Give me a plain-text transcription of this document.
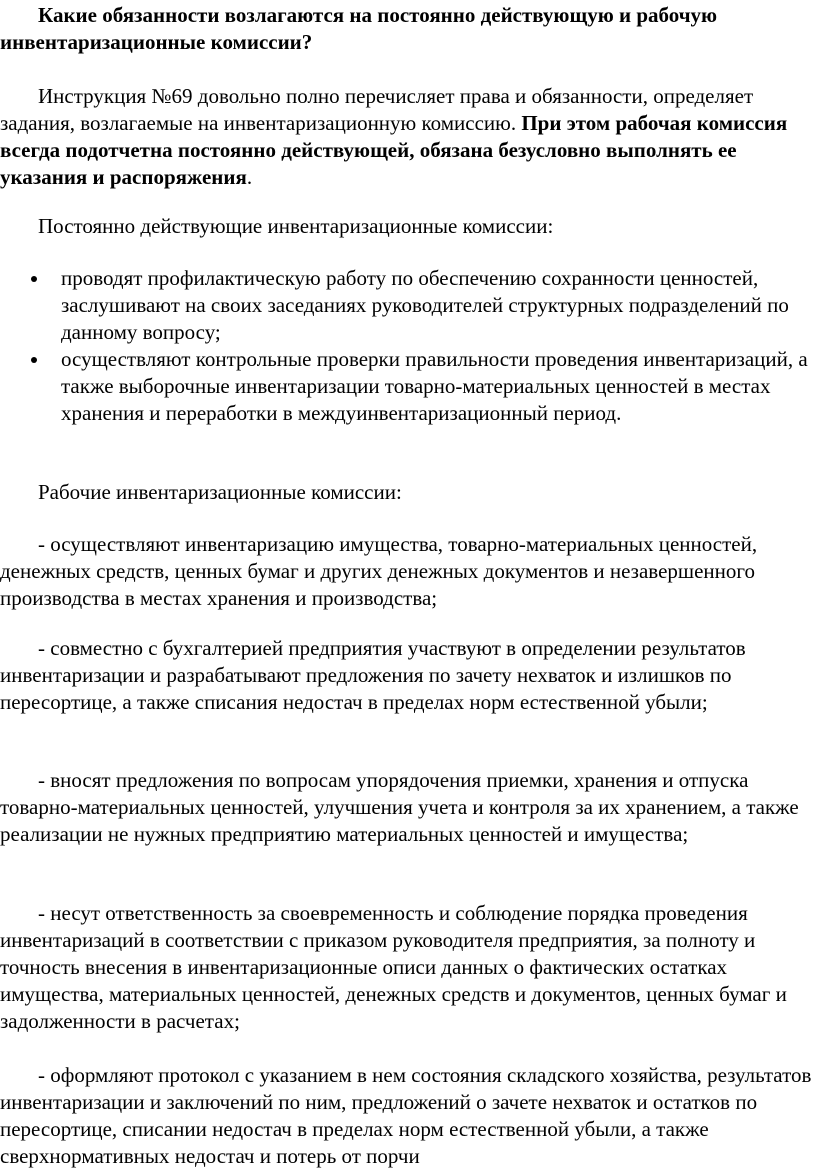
Какие обязанности возлагаются на постоянно действующую и рабочую инвентаризационные комиссии?

Инструкция №69 довольно полно перечисляет права и обязанности, определяет задания, возлагаемые на инвентаризационную комиссию. При этом рабочая комиссия всегда подотчетна постоянно действующей, обязана безусловно выполнять ее указания и распоряжения.

Постоянно действующие инвентаризационные комиссии:

проводят профилактическую работу по обеспечению сохранности ценностей, заслушивают на своих заседаниях руководителей структурных подразделений по данному вопросу;
осуществляют контрольные проверки правильности проведения инвентаризаций, а также выборочные инвентаризации товарно-материальных ценностей в местах хранения и переработки в междуинвентаризационный период.

Рабочие инвентаризационные комиссии:

- осуществляют инвентаризацию имущества, товарно-материальных ценностей, денежных средств, ценных бумаг и других денежных документов и незавершенного производства в местах хранения и производства;

- совместно с бухгалтерией предприятия участвуют в определении результатов инвентаризации и разрабатывают предложения по зачету нехваток и излишков по пересортице, а также списания недостач в пределах норм естественной убыли;

- вносят предложения по вопросам упорядочения приемки, хранения и отпуска товарно-материальных ценностей, улучшения учета и контроля за их хранением, а также реализации не нужных предприятию материальных ценностей и имущества;

- несут ответственность за своевременность и соблюдение порядка проведения инвентаризаций в соответствии с приказом руководителя предприятия, за полноту и точность внесения в инвентаризационные описи данных о фактических остатках имущества, материальных ценностей, денежных средств и документов, ценных бумаг и задолженности в расчетах;

- оформляют протокол с указанием в нем состояния складского хозяйства, результатов инвентаризации и заключений по ним, предложений о зачете нехваток и остатков по пересортице, списании недостач в пределах норм естественной убыли, а также сверхнормативных недостач и потерь от порчи
